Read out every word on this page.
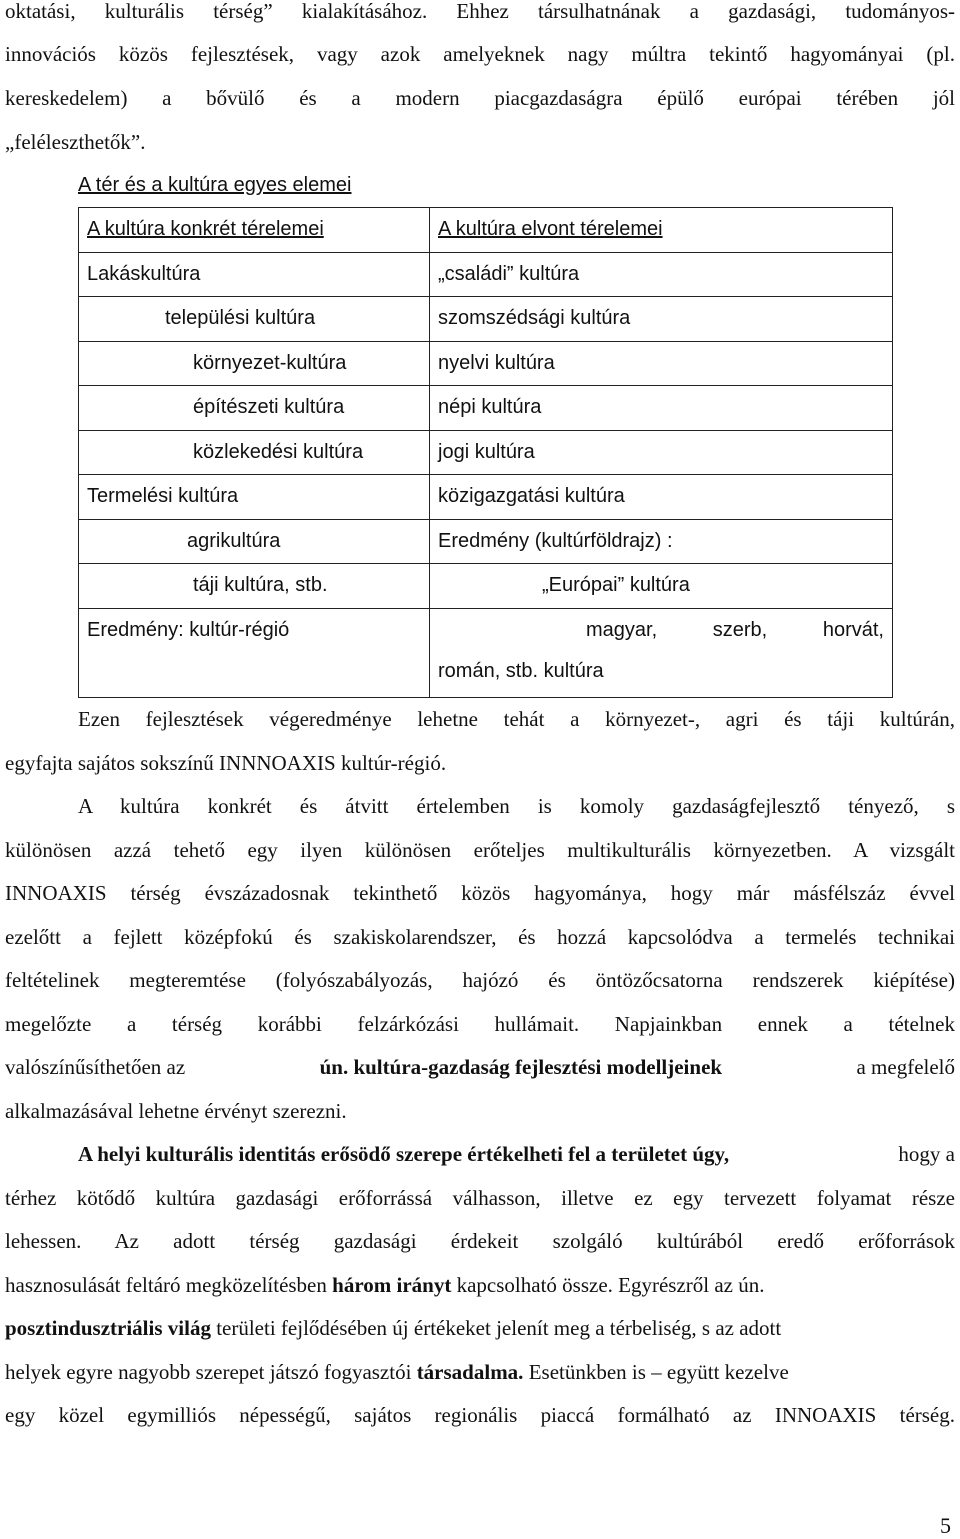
oktatási, kulturális térség” kialakításához. Ehhez társulhatnának a gazdasági, tudományos-
innovációs közös fejlesztések, vagy azok amelyeknek nagy múltra tekintő hagyományai (pl.
kereskedelem) a bővülő és a modern piacgazdaságra épülő európai térében jól
„feléleszthetők”.
A tér és a kultúra egyes elemei
A kultúra konkrét térelemei	A kultúra elvont térelemei
Lakáskultúra	„családi” kultúra
települési kultúra	szomszédsági kultúra
környezet-kultúra	nyelvi kultúra
építészeti kultúra	népi kultúra
közlekedési kultúra	jogi kultúra
Termelési kultúra	közigazgatási kultúra
agrikultúra	Eredmény (kultúrföldrajz) :
táji kultúra, stb.	„Európai” kultúra
Eredmény: kultúr-régió	magyar, szerb, horvát,
román, stb. kultúra
Ezen fejlesztések végeredménye lehetne tehát a környezet-, agri és táji kultúrán,
egyfajta sajátos sokszínű INNNOAXIS kultúr-régió.
A kultúra konkrét és átvitt értelemben is komoly gazdaságfejlesztő tényező, s
különösen azzá tehető egy ilyen különösen erőteljes multikulturális környezetben. A vizsgált
INNOAXIS térség évszázadosnak tekinthető közös hagyománya, hogy már másfélszáz évvel
ezelőtt a fejlett középfokú és szakiskolarendszer, és hozzá kapcsolódva a termelés technikai
feltételinek megteremtése (folyószabályozás, hajózó és öntözőcsatorna rendszerek kiépítése)
megelőzte a térség korábbi felzárkózási hullámait. Napjainkban ennek a tételnek
valószínűsíthetően az	ún. kultúra-gazdaság fejlesztési modelljeinek	a megfelelő
alkalmazásával lehetne érvényt szerezni.
A helyi kulturális identitás erősödő szerepe értékelheti fel a területet úgy,	hogy a
térhez kötődő kultúra gazdasági erőforrássá válhasson, illetve ez egy tervezett folyamat része
lehessen. Az adott térség gazdasági érdekeit szolgáló kultúrából eredő erőforrások
hasznosulását feltáró megközelítésben három irányt kapcsolható össze. Egyrészről az ún.
posztindusztriális világ területi fejlődésében új értékeket jelenít meg a térbeliség, s az adott
helyek egyre nagyobb szerepet játszó fogyasztói társadalma. Esetünkben is – együtt kezelve
egy közel egymilliós népességű, sajátos regionális piaccá formálható az INNOAXIS térség.
5
